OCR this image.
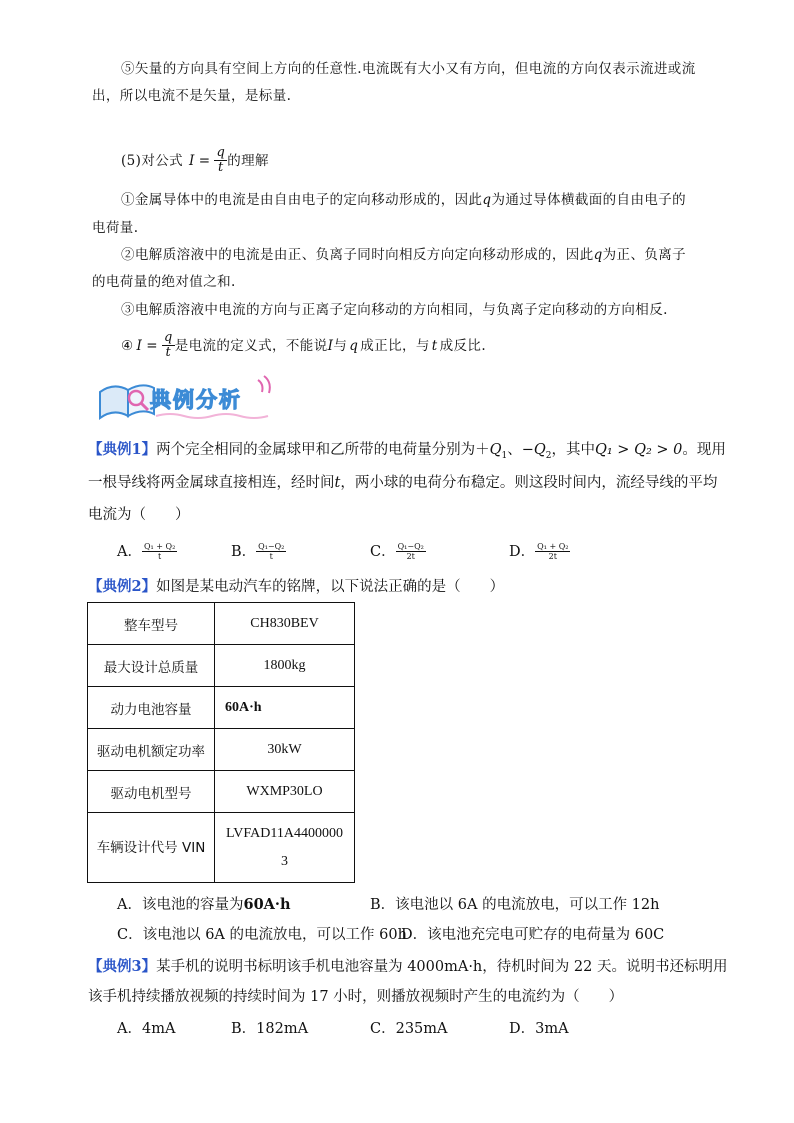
⑤矢量的方向具有空间上方向的任意性.电流既有大小又有方向，但电流的方向仅表示流进或流
出，所以电流不是矢量，是标量.
(5)对公式 $I = \frac{q}{t}$ 的理解
①金属导体中的电流是由自由电子的定向移动形成的，因此q为通过导体横截面的自由电子的
电荷量.
②电解质溶液中的电流是由正、负离子同时向相反方向定向移动形成的，因此q为正、负离子
的电荷量的绝对值之和.
③电解质溶液中电流的方向与正离子定向移动的方向相同，与负离子定向移动的方向相反.
④ $I = \frac{q}{t}$ 是电流的定义式，不能说 I 与 q 成正比，与 t 成反比.
典例分析
【典例1】两个完全相同的金属球甲和乙所带的电荷量分别为$+Q_1$、$-Q_2$，其中Q₁ > Q₂ > 0。现用
一根导线将两金属球直接相连，经时间t，两小球的电荷分布稳定。则这段时间内，流经导线的平均
电流为（　　）
A． $\frac{\text{Q₁ + Q₂}}{t}$	B． $\frac{\text{Q₁−Q₂}}{t}$	C． $\frac{\text{Q₁−Q₂}}{2t}$	D． $\frac{\text{Q₁ + Q₂}}{2t}$
【典例2】如图是某电动汽车的铭牌，以下说法正确的是（　　）
整车型号	CH830BEV
最大设计总质量	1800kg
动力电池容量	60A·h
驱动电机额定功率	30kW
驱动电机型号	WXMP30LO
车辆设计代号 VIN	LVFAD11A4400000
3
A．该电池的容量为60A·h	B．该电池以 6A 的电流放电，可以工作 12h
C．该电池以 6A 的电流放电，可以工作 60h
D．该电池充完电可贮存的电荷量为 60C
【典例3】某手机的说明书标明该手机电池容量为 4000mA·h，待机时间为 22 天。说明书还标明用
该手机持续播放视频的持续时间为 17 小时，则播放视频时产生的电流约为（　　）
A．4mA	B．182mA	C．235mA	D．3mA
